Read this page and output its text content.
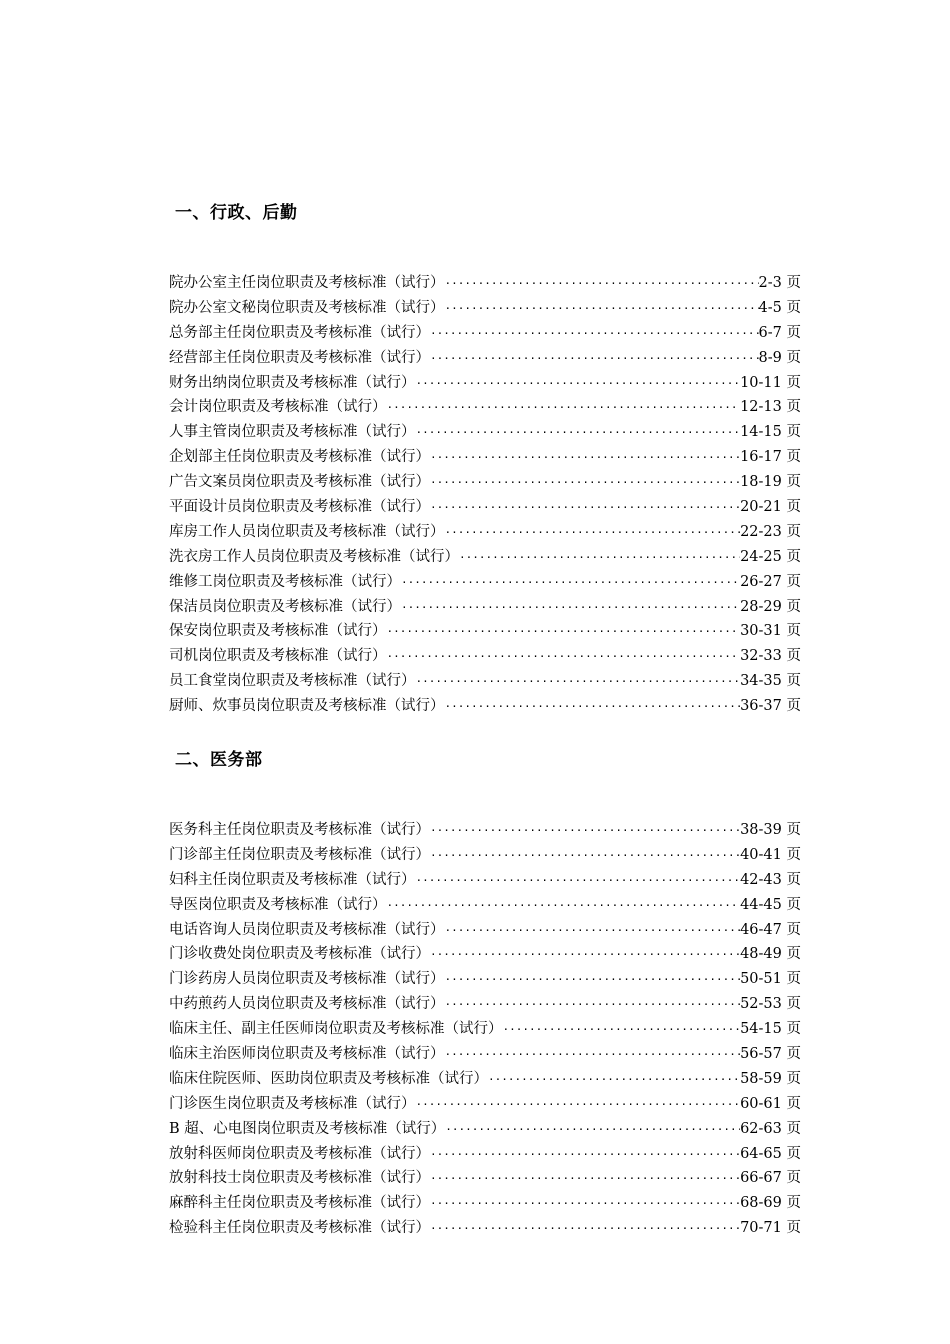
一、行政、后勤
院办公室主任岗位职责及考核标准（试行） ·····	2-3 页
院办公室文秘岗位职责及考核标准（试行） ·····	4-5 页
总务部主任岗位职责及考核标准（试行） ·····	6-7 页
经营部主任岗位职责及考核标准（试行） ·····	8-9 页
财务出纳岗位职责及考核标准（试行） ·····	10-11 页
会计岗位职责及考核标准（试行） ·····	12-13 页
人事主管岗位职责及考核标准（试行） ·····	14-15 页
企划部主任岗位职责及考核标准（试行） ·····	16-17 页
广告文案员岗位职责及考核标准（试行） ·····	18-19 页
平面设计员岗位职责及考核标准（试行） ·····	20-21 页
库房工作人员岗位职责及考核标准（试行） ·····	22-23 页
洗衣房工作人员岗位职责及考核标准（试行） ·····	24-25 页
维修工岗位职责及考核标准（试行） ·····	26-27 页
保洁员岗位职责及考核标准（试行） ·····	28-29 页
保安岗位职责及考核标准（试行） ·····	30-31 页
司机岗位职责及考核标准（试行） ·····	32-33 页
员工食堂岗位职责及考核标准（试行） ·····	34-35 页
厨师、炊事员岗位职责及考核标准（试行） ·····	36-37 页
二、医务部
医务科主任岗位职责及考核标准（试行） ·····	38-39 页
门诊部主任岗位职责及考核标准（试行） ·····	40-41 页
妇科主任岗位职责及考核标准（试行） ·····	42-43 页
导医岗位职责及考核标准（试行） ·····	44-45 页
电话咨询人员岗位职责及考核标准（试行） ·····	46-47 页
门诊收费处岗位职责及考核标准（试行） ·····	48-49 页
门诊药房人员岗位职责及考核标准（试行） ·····	50-51 页
中药煎药人员岗位职责及考核标准（试行） ·····	52-53 页
临床主任、副主任医师岗位职责及考核标准（试行） ·····	54-15 页
临床主治医师岗位职责及考核标准（试行） ·····	56-57 页
临床住院医师、医助岗位职责及考核标准（试行） ·····	58-59 页
门诊医生岗位职责及考核标准（试行） ·····	60-61 页
B 超、心电图岗位职责及考核标准（试行） ·····	62-63 页
放射科医师岗位职责及考核标准（试行） ·····	64-65 页
放射科技士岗位职责及考核标准（试行） ·····	66-67 页
麻醉科主任岗位职责及考核标准（试行） ·····	68-69 页
检验科主任岗位职责及考核标准（试行） ·····	70-71 页
